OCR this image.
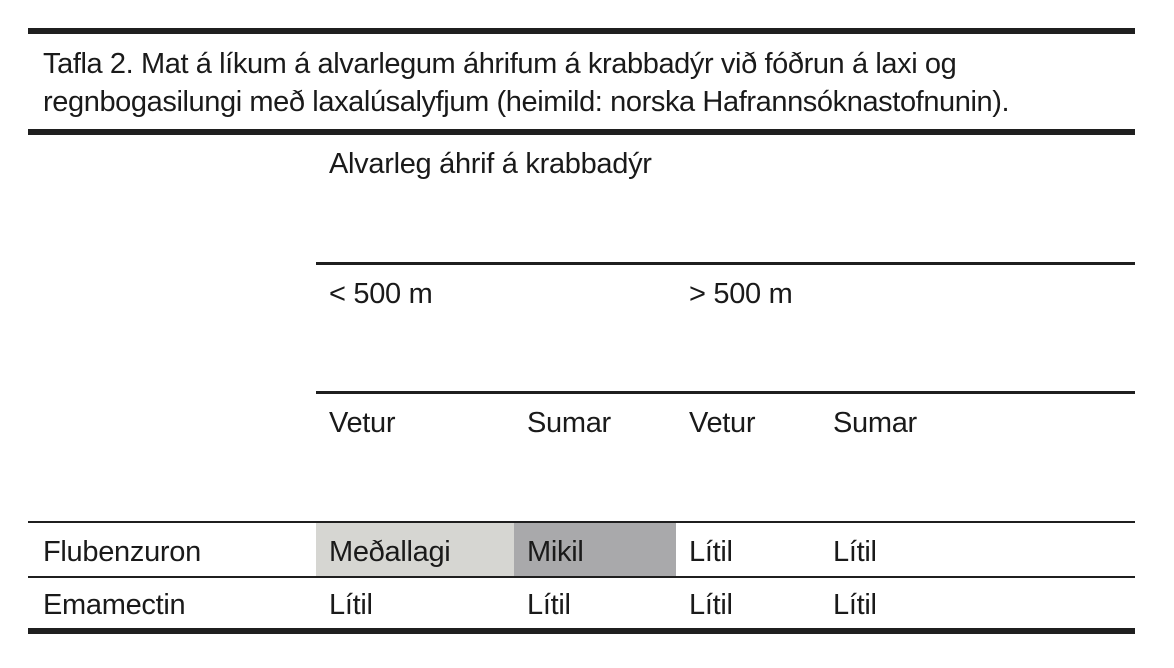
Tafla 2. Mat á líkum á alvarlegum áhrifum á krabbadýr við fóðrun á laxi og
regnbogasilungi með laxalúsalyfjum (heimild: norska Hafrannsóknastofnunin).
Alvarleg áhrif á krabbadýr
< 500 m	> 500 m
Vetur	Sumar	Vetur	Sumar
Flubenzuron	Meðallagi	Mikil	Lítil	Lítil
Emamectin	Lítil	Lítil	Lítil	Lítil
